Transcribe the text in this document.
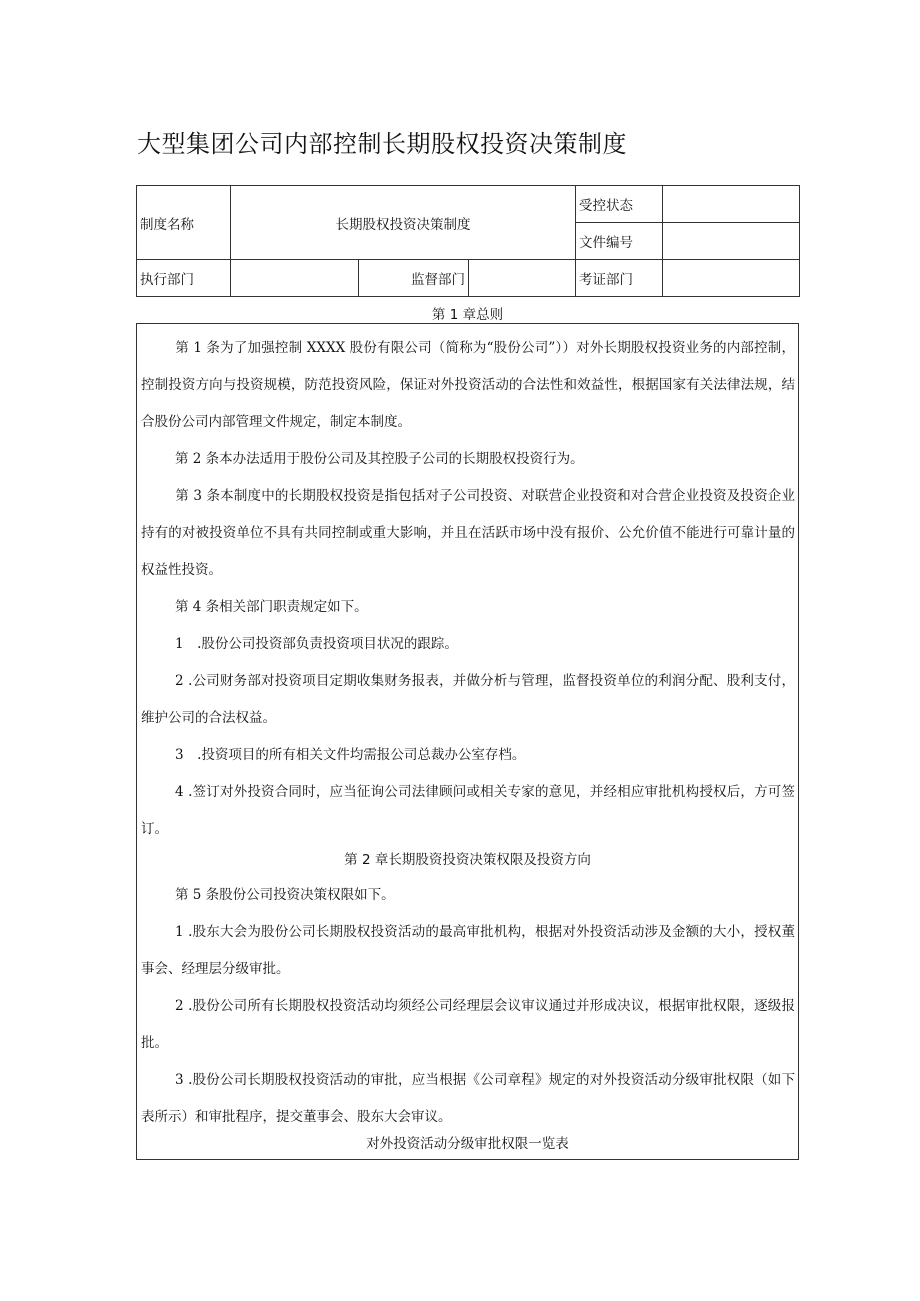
大型集团公司内部控制长期股权投资决策制度
制度名称	长期股权投资决策制度			受控状态	
				文件编号	
执行部门		监督部门		考证部门	
第 1 章总则

第 1 条为了加强控制 XXXX 股份有限公司（简称为“股份公司”））对外长期股权投资业务的内部控制，控制投资方向与投资规模，防范投资风险，保证对外投资活动的合法性和效益性，根据国家有关法律法规，结合股份公司内部管理文件规定，制定本制度。

第 2 条本办法适用于股份公司及其控股子公司的长期股权投资行为。

第 3 条本制度中的长期股权投资是指包括对子公司投资、对联营企业投资和对合营企业投资及投资企业持有的对被投资单位不具有共同控制或重大影响，并且在活跃市场中没有报价、公允价值不能进行可靠计量的权益性投资。

第 4 条相关部门职责规定如下。

1　.股份公司投资部负责投资项目状况的跟踪。

2 .公司财务部对投资项目定期收集财务报表，并做分析与管理，监督投资单位的利润分配、股利支付，维护公司的合法权益。

3　.投资项目的所有相关文件均需报公司总裁办公室存档。

4 .签订对外投资合同时，应当征询公司法律顾问或相关专家的意见，并经相应审批机构授权后，方可签订。

第 2 章长期股资投资决策权限及投资方向

第 5 条股份公司投资决策权限如下。

1 .股东大会为股份公司长期股权投资活动的最高审批机构，根据对外投资活动涉及金额的大小，授权董事会、经理层分级审批。

2 .股份公司所有长期股权投资活动均须经公司经理层会议审议通过并形成决议，根据审批权限，逐级报批。

3 .股份公司长期股权投资活动的审批，应当根据《公司章程》规定的对外投资活动分级审批权限（如下表所示）和审批程序，提交董事会、股东大会审议。

对外投资活动分级审批权限一览表
